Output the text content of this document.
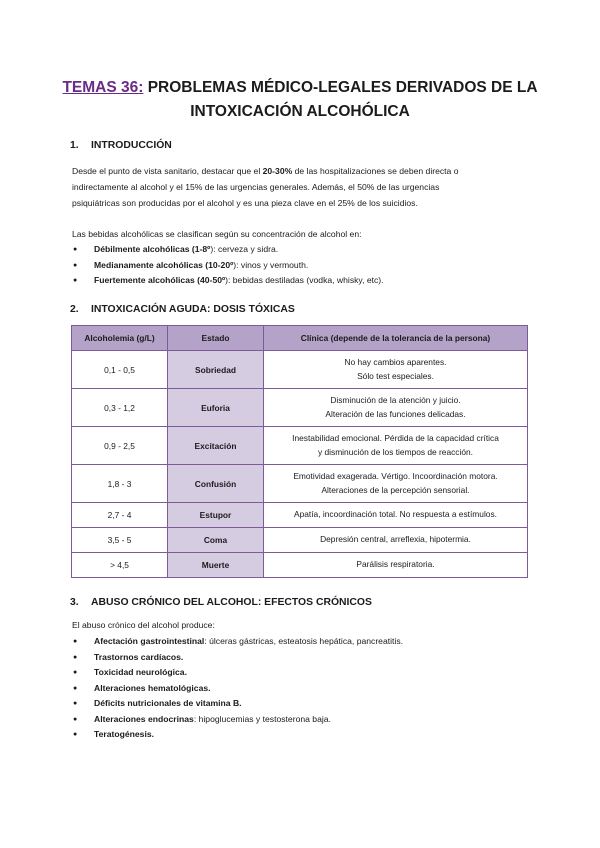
TEMAS 36: PROBLEMAS MÉDICO-LEGALES DERIVADOS DE LA
INTOXICACIÓN ALCOHÓLICA
1. INTRODUCCIÓN
Desde el punto de vista sanitario, destacar que el 20-30% de las hospitalizaciones se deben directa o
indirectamente al alcohol y el 15% de las urgencias generales. Además, el 50% de las urgencias
psiquiátricas son producidas por el alcohol y es una pieza clave en el 25% de los suicidios.
Las bebidas alcohólicas se clasifican según su concentración de alcohol en:
● Débilmente alcohólicas (1-8º): cerveza y sidra.
● Medianamente alcohólicas (10-20º): vinos y vermouth.
● Fuertemente alcohólicas (40-50º): bebidas destiladas (vodka, whisky, etc).
2. INTOXICACIÓN AGUDA: DOSIS TÓXICAS
Alcoholemia (g/L)	Estado	Clínica (depende de la tolerancia de la persona)
0,1 - 0,5	Sobriedad	No hay cambios aparentes.
Sólo test especiales.

0,3 - 1,2	Euforia	Disminución de la atención y juicio.
Alteración de las funciones delicadas.

0,9 - 2,5	Excitación	Inestabilidad emocional. Pérdida de la capacidad crítica
y disminución de los tiempos de reacción.

1,8 - 3	Confusión	Emotividad exagerada. Vértigo. Incoordinación motora.
Alteraciones de la percepción sensorial.

2,7 - 4	Estupor	Apatía, incoordinación total. No respuesta a estímulos.
3,5 - 5	Coma	Depresión central, arreflexia, hipotermia.
> 4,5	Muerte	Parálisis respiratoria.
3. ABUSO CRÓNICO DEL ALCOHOL: EFECTOS CRÓNICOS
El abuso crónico del alcohol produce:
● Afectación gastrointestinal: úlceras gástricas, esteatosis hepática, pancreatitis.
● Trastornos cardíacos.
● Toxicidad neurológica.
● Alteraciones hematológicas.
● Déficits nutricionales de vitamina B.
● Alteraciones endocrinas: hipoglucemias y testosterona baja.
● Teratogénesis.
